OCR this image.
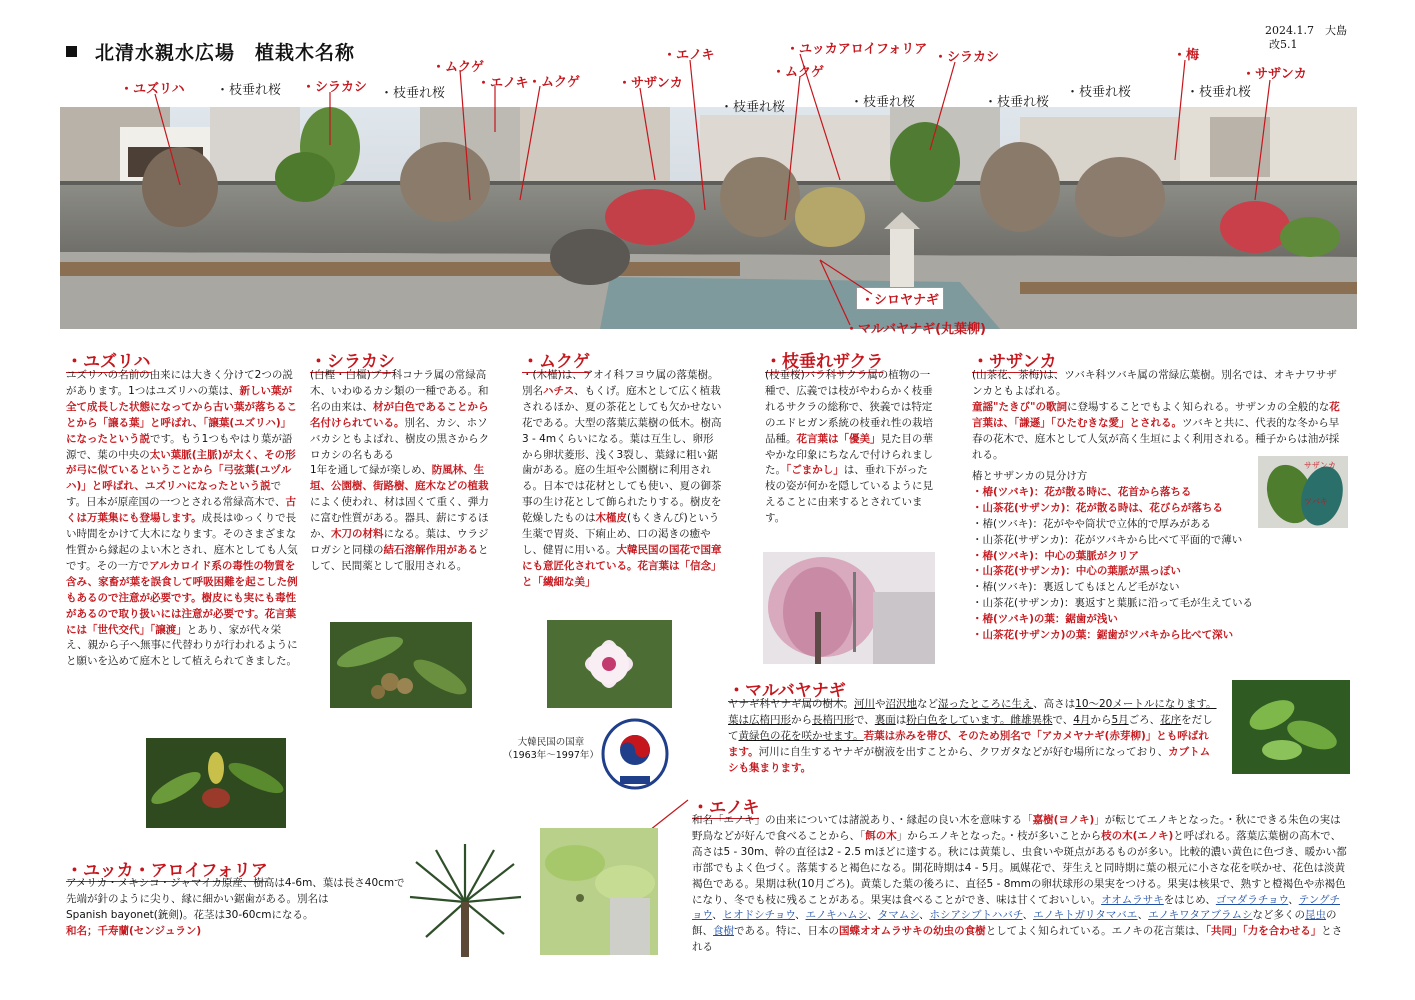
北清水親水広場　植栽木名称
2024.1.7　大島
改5.1
・ユズリハ ・枝垂れ桜 ・シラカシ ・枝垂れ桜
・ムクゲ
・エノキ ・ムクゲ
・エノキ
・サザンカ
・枝垂れ桜
・ユッカアロイフォリア
・ムクゲ
・枝垂れ桜
・シラカシ
・枝垂れ桜
・枝垂れ桜
・梅
・枝垂れ桜
・サザンカ
・シロヤナギ
・マルバヤナギ(丸葉柳)
・ユズリハ
ユズリハの名前の由来には大きく分けて2つの説があります。1つはユズリハの葉は、新しい葉が全て成長した状態になってから古い葉が落ちることから「譲る葉」と呼ばれ、「譲葉(ユズリハ)」になったという説です。もう1つもやはり葉が語源で、葉の中央の太い葉脈(主脈)が太く、その形が弓に似ているということから「弓弦葉(ユヅルハ)」と呼ばれ、ユズリハになったという説です。日本が原産国の一つとされる常緑高木で、古くは万葉集にも登場します。成長はゆっくりで長い時間をかけて大木になります。そのさまざまな性質から縁起のよい木とされ、庭木としても人気です。その一方でアルカロイド系の毒性の物質を含み、家畜が葉を誤食して呼吸困難を起こした例もあるので注意が必要です。樹皮にも実にも毒性があるので取り扱いには注意が必要です。花言葉には「世代交代」「譲渡」とあり、家が代々栄え、親から子へ無事に代替わりが行われるようにと願いを込めて庭木として植えられてきました。
・シラカシ
(白樫・白橿)ブナ科コナラ属の常緑高木、いわゆるカシ類の一種である。和名の由来は、材が白色であることから名付けられている。別名、カシ、ホソバカシともよばれ、樹皮の黒さからクロカシの名もある
1年を通して緑が楽しめ、防風林、生垣、公園樹、街路樹、庭木などの植栽によく使われ、材は固くて重く、弾力に富む性質がある。器具、薪にするほか、木刀の材料になる。葉は、ウラジロガシと同様の結石溶解作用があるとして、民間薬として服用される。
・ムクゲ
・(木槿)は、アオイ科フヨウ属の落葉樹。別名ハチス、もくげ。庭木として広く植栽されるほか、夏の茶花としても欠かせない花である。大型の落葉広葉樹の低木。樹高3 - 4mくらいになる。葉は互生し、卵形から卵状菱形、浅く3裂し、葉縁に粗い鋸歯がある。庭の生垣や公園樹に利用される。日本では花材としても使い、夏の御茶事の生け花として飾られたりする。樹皮を乾燥したものは木槿皮(もくきんぴ)という生薬で胃炎、下痢止め、口の渇きの癒やし、健胃に用いる。大韓民国の国花で国章にも意匠化されている。花言葉は「信念」と「繊細な美」
大韓民国の国章
（1963年～1997年）
・枝垂れザクラ
(枝垂桜)バラ科サクラ属の植物の一種で、広義では枝がやわらかく枝垂れるサクラの総称で、狭義では特定のエドヒガン系統の枝垂れ性の栽培品種。花言葉は「優美」見た目の華やかな印象にちなんで付けられました。「ごまかし」は、垂れ下がった枝の姿が何かを隠しているように見えることに由来するとされています。
・サザンカ
(山茶花、茶梅)は、ツバキ科ツバキ属の常緑広葉樹。別名では、オキナワサザンカともよばれる。
童謡"たきび"の歌詞に登場することでもよく知られる。サザンカの全般的な花言葉は、「謙遜」「ひたむきな愛」とされる。ツバキと共に、代表的な冬から早春の花木で、庭木として人気が高く生垣によく利用される。種子からは油が採れる。
椿とサザンカの見分け方
・椿(ツバキ)：花が散る時に、花首から落ちる
・山茶花(サザンカ)：花が散る時は、花びらが落ちる
・椿(ツバキ)：花がやや筒状で立体的で厚みがある
・山茶花(サザンカ)：花がツバキから比べて平面的で薄い
・椿(ツバキ)：中心の葉脈がクリア
・山茶花(サザンカ)：中心の葉脈が黒っぽい
・椿(ツバキ)：裏返してもほとんど毛がない
・山茶花(サザンカ)：裏返すと葉脈に沿って毛が生えている
・椿(ツバキ)の葉：鋸歯が浅い
・山茶花(サザンカ)の葉：鋸歯がツバキから比べて深い
サザンカ
ツバキ
・マルバヤナギ
ヤナギ科ヤナギ属の樹木。河川や沼沢地など湿ったところに生え、高さは10～20メートルになります。葉は広楕円形から長楕円形で、裏面は粉白色をしています。雌雄異株で、4月から5月ごろ、花序をだして黄緑色の花を咲かせます。若葉は赤みを帯び、そのため別名で「アカメヤナギ(赤芽柳)」とも呼ばれます。河川に自生するヤナギが樹液を出すことから、クワガタなどが好む場所になっており、カブトムシも集まります。
・エノキ
和名「エノキ」の由来については諸説あり、・縁起の良い木を意味する「嘉樹(ヨノキ)」が転じてエノキとなった。・秋にできる朱色の実は野鳥などが好んで食べることから、「餌の木」からエノキとなった。・枝が多いことから枝の木(エノキ)と呼ばれる。落葉広葉樹の高木で、高さは5 - 30m、幹の直径は2 - 2.5 mほどに達する。秋には黄葉し、虫食いや斑点があるものが多い。比較的濃い黄色に色づき、暖かい都市部でもよく色づく。落葉すると褐色になる。開花時期は4 - 5月。風媒花で、芽生えと同時期に葉の根元に小さな花を咲かせ、花色は淡黄褐色である。果期は秋(10月ごろ)。黄葉した葉の後ろに、直径5 - 8mmの卵状球形の果実をつける。果実は核果で、熟すと橙褐色や赤褐色になり、冬でも枝に残ることがある。果実は食べることができ、味は甘くておいしい。オオムラサキをはじめ、ゴマダラチョウ、テングチョウ、ヒオドシチョウ、エノキハムシ、タマムシ、ホシアシブトハバチ、エノキトガリタマバエ、エノキワタアブラムシなど多くの昆虫の餌、食樹である。特に、日本の国蝶オオムラサキの幼虫の食樹としてよく知られている。エノキの花言葉は、「共同」「力を合わせる」とされる
・ユッカ・アロイフォリア
アメリカ・メキシコ・ジャマイカ原産、樹高は4-6m、葉は長さ40cmで先端が針のように尖り、縁に細かい鋸歯がある。別名は
Spanish bayonet(銃剣)。花茎は30-60cmになる。
和名；千寿蘭(センジュラン)
